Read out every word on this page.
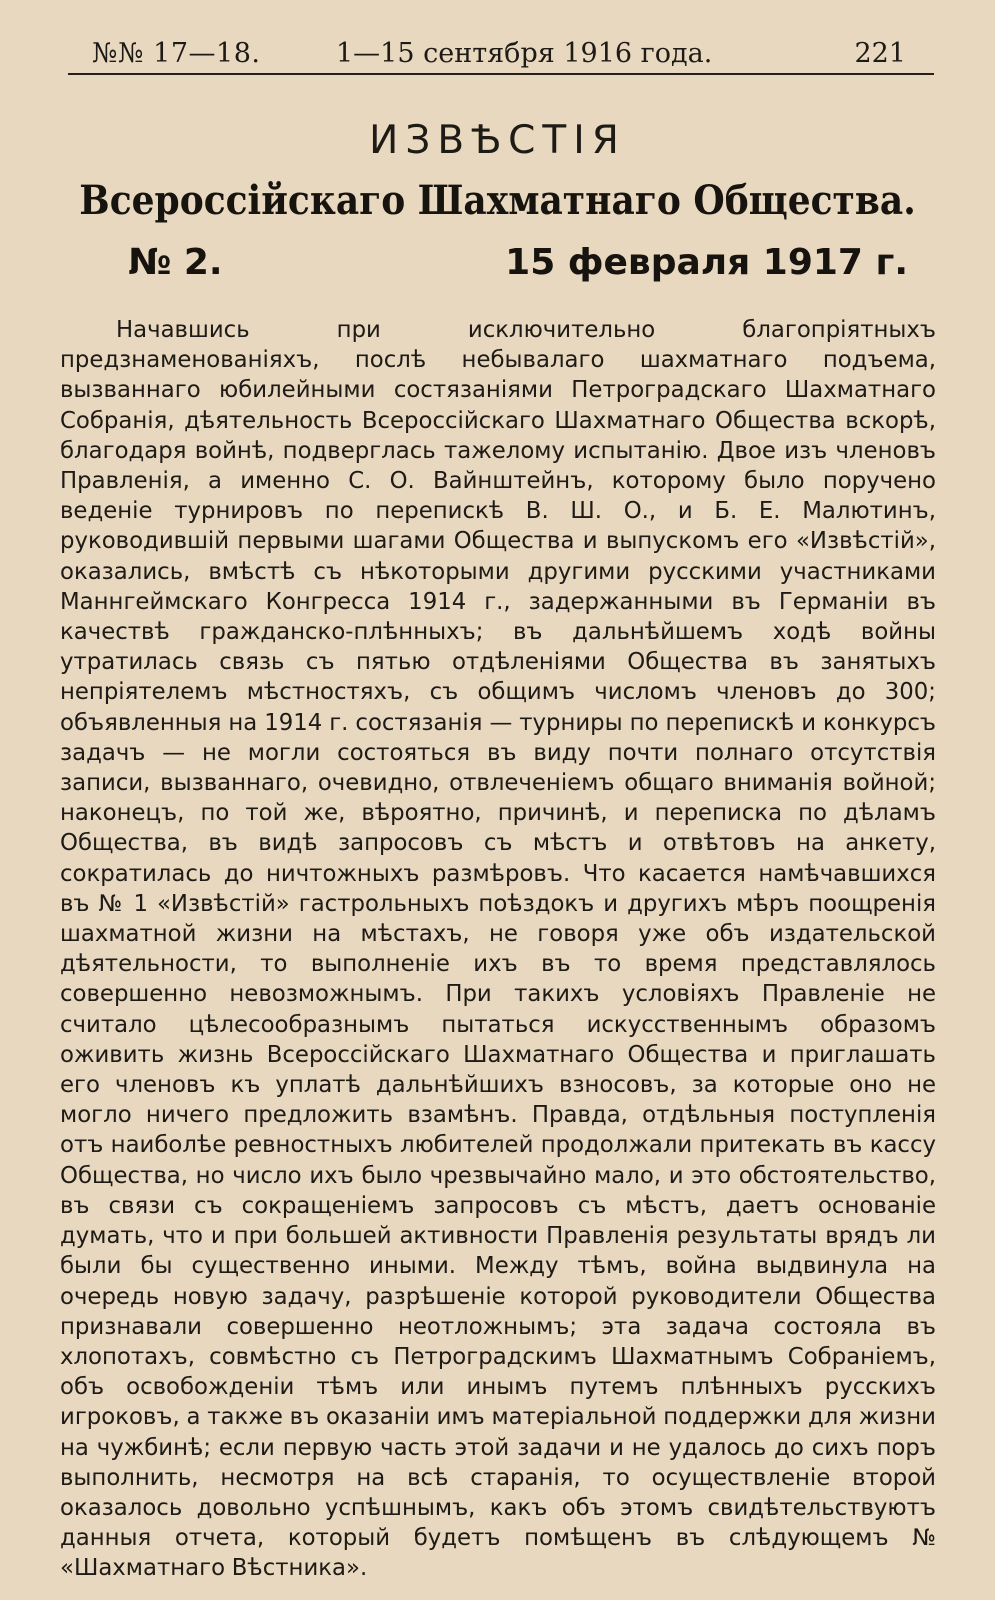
№№ 17—18.	1—15 сентября 1916 года.	221
ИЗВѢСТІЯ
Всероссійскаго Шахматнаго Общества.
№ 2.	15 февраля 1917 г.

Начавшись при исключительно благопріятныхъ предзнаменованіяхъ, послѣ небывалаго шахматнаго подъема, вызваннаго юбилейными состязаніями Петроградскаго Шахматнаго Собранія, дѣятельность Всероссійскаго Шахматнаго Общества вскорѣ, благодаря войнѣ, подверглась тажелому испытанію. Двое изъ членовъ Правленія, а именно С. О. Вайнштейнъ, которому было поручено веденіе турнировъ по перепискѣ В. Ш. О., и Б. Е. Малютинъ, руководившій первыми шагами Общества и выпускомъ его «Извѣстій», оказались, вмѣстѣ съ нѣкоторыми другими русскими участниками Маннгеймскаго Конгресса 1914 г., задержанными въ Германіи въ качествѣ гражданско-плѣнныхъ; въ дальнѣйшемъ ходѣ войны утратилась связь съ пятью отдѣленіями Общества въ занятыхъ непріятелемъ мѣстностяхъ, съ общимъ числомъ членовъ до 300; объявленныя на 1914 г. состязанія — турниры по перепискѣ и конкурсъ задачъ — не могли состояться въ виду почти полнаго отсутствія записи, вызваннаго, очевидно, отвлеченіемъ общаго вниманія войной; наконецъ, по той же, вѣроятно, причинѣ, и переписка по дѣламъ Общества, въ видѣ запросовъ съ мѣстъ и отвѣтовъ на анкету, сократилась до ничтожныхъ размѣровъ. Что касается намѣчавшихся въ № 1 «Извѣстій» гастрольныхъ поѣздокъ и другихъ мѣръ поощренія шахматной жизни на мѣстахъ, не говоря уже объ издательской дѣятельности, то выполненіе ихъ въ то время представлялось совершенно невозможнымъ. При такихъ условіяхъ Правленіе не считало цѣлесообразнымъ пытаться искусственнымъ образомъ оживить жизнь Всероссійскаго Шахматнаго Общества и приглашать его членовъ къ уплатѣ дальнѣйшихъ взносовъ, за которые оно не могло ничего предложить взамѣнъ. Правда, отдѣльныя поступленія отъ наиболѣе ревностныхъ любителей продолжали притекать въ кассу Общества, но число ихъ было чрезвычайно мало, и это обстоятельство, въ связи съ сокращеніемъ запросовъ съ мѣстъ, даетъ основаніе думать, что и при большей активности Правленія результаты врядъ ли были бы существенно иными. Между тѣмъ, война выдвинула на очередь новую задачу, разрѣшеніе которой руководители Общества признавали совершенно неотложнымъ; эта задача состояла въ хлопотахъ, совмѣстно съ Петроградскимъ Шахматнымъ Собраніемъ, объ освобожденіи тѣмъ или инымъ путемъ плѣнныхъ русскихъ игроковъ, а также въ оказаніи имъ матеріальной поддержки для жизни на чужбинѣ; если первую часть этой задачи и не удалось до сихъ поръ выполнить, несмотря на всѣ старанія, то осуществленіе второй оказалось довольно успѣшнымъ, какъ объ этомъ свидѣтельствуютъ данныя отчета, который будетъ помѣщенъ въ слѣдующемъ № «Шахматнаго Вѣстника».
